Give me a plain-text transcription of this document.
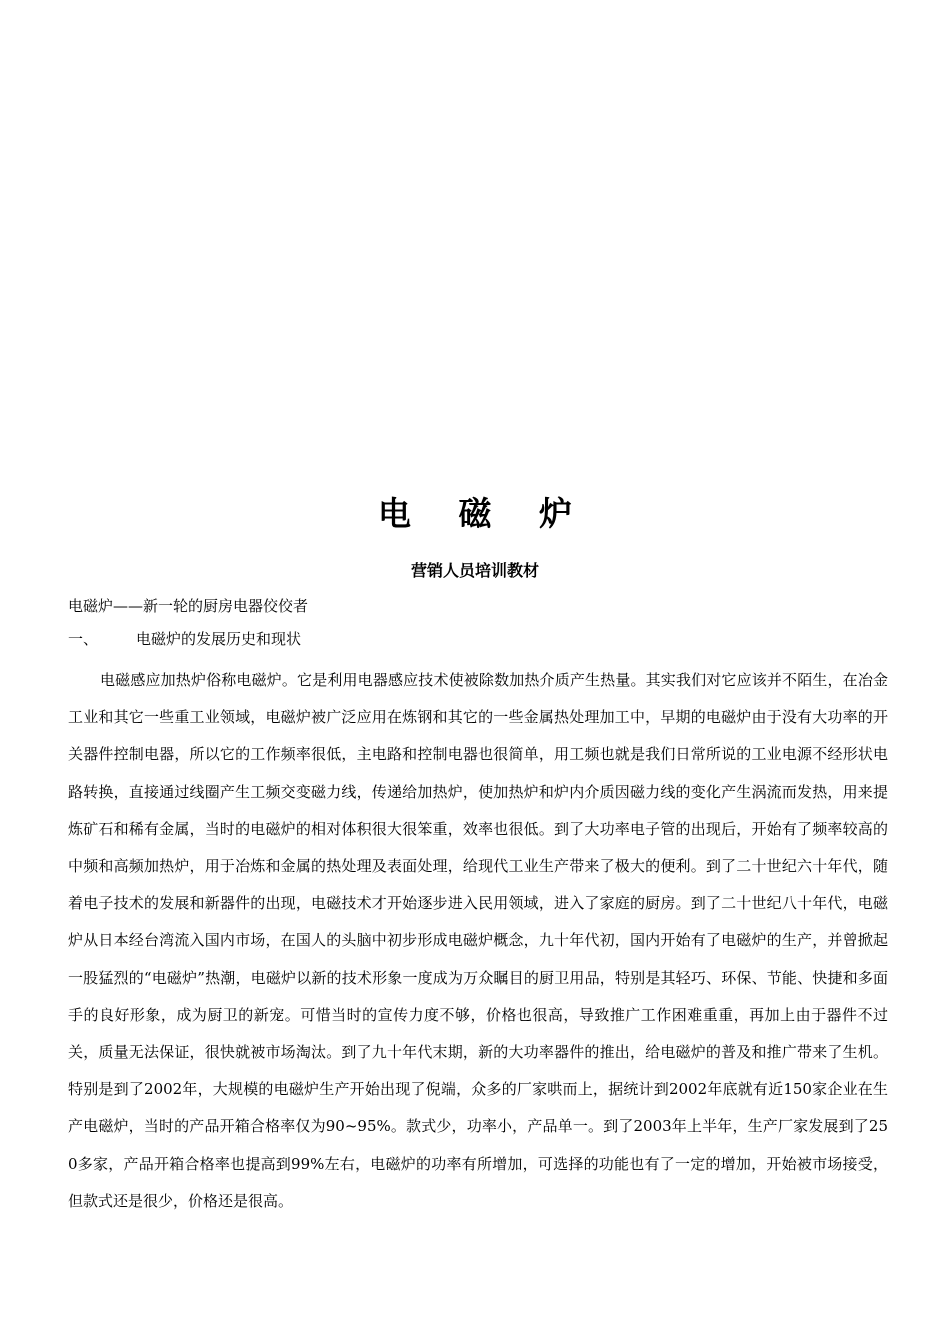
电 磁 炉
营销人员培训教材
电磁炉——新一轮的厨房电器佼佼者
一、	电磁炉的发展历史和现状
电磁感应加热炉俗称电磁炉。它是利用电器感应技术使被除数加热介质产生热量。其实我们对它应该并不陌生，在冶金工业和其它一些重工业领域，电磁炉被广泛应用在炼钢和其它的一些金属热处理加工中，早期的电磁炉由于没有大功率的开关器件控制电器，所以它的工作频率很低，主电路和控制电器也很简单，用工频也就是我们日常所说的工业电源不经形状电路转换，直接通过线圈产生工频交变磁力线，传递给加热炉，使加热炉和炉内介质因磁力线的变化产生涡流而发热，用来提炼矿石和稀有金属，当时的电磁炉的相对体积很大很笨重，效率也很低。到了大功率电子管的出现后，开始有了频率较高的中频和高频加热炉，用于冶炼和金属的热处理及表面处理，给现代工业生产带来了极大的便利。到了二十世纪六十年代，随着电子技术的发展和新器件的出现，电磁技术才开始逐步进入民用领域，进入了家庭的厨房。到了二十世纪八十年代，电磁炉从日本经台湾流入国内市场，在国人的头脑中初步形成电磁炉概念，九十年代初，国内开始有了电磁炉的生产，并曾掀起一股猛烈的“电磁炉”热潮，电磁炉以新的技术形象一度成为万众瞩目的厨卫用品，特别是其轻巧、环保、节能、快捷和多面手的良好形象，成为厨卫的新宠。可惜当时的宣传力度不够，价格也很高，导致推广工作困难重重，再加上由于器件不过关，质量无法保证，很快就被市场淘汰。到了九十年代末期，新的大功率器件的推出，给电磁炉的普及和推广带来了生机。特别是到了2002年，大规模的电磁炉生产开始出现了倪端，众多的厂家哄而上，据统计到2002年底就有近150家企业在生产电磁炉，当时的产品开箱合格率仅为90~95%。款式少，功率小，产品单一。到了2003年上半年，生产厂家发展到了250多家，产品开箱合格率也提高到99%左右，电磁炉的功率有所增加，可选择的功能也有了一定的增加，开始被市场接受，但款式还是很少，价格还是很高。
